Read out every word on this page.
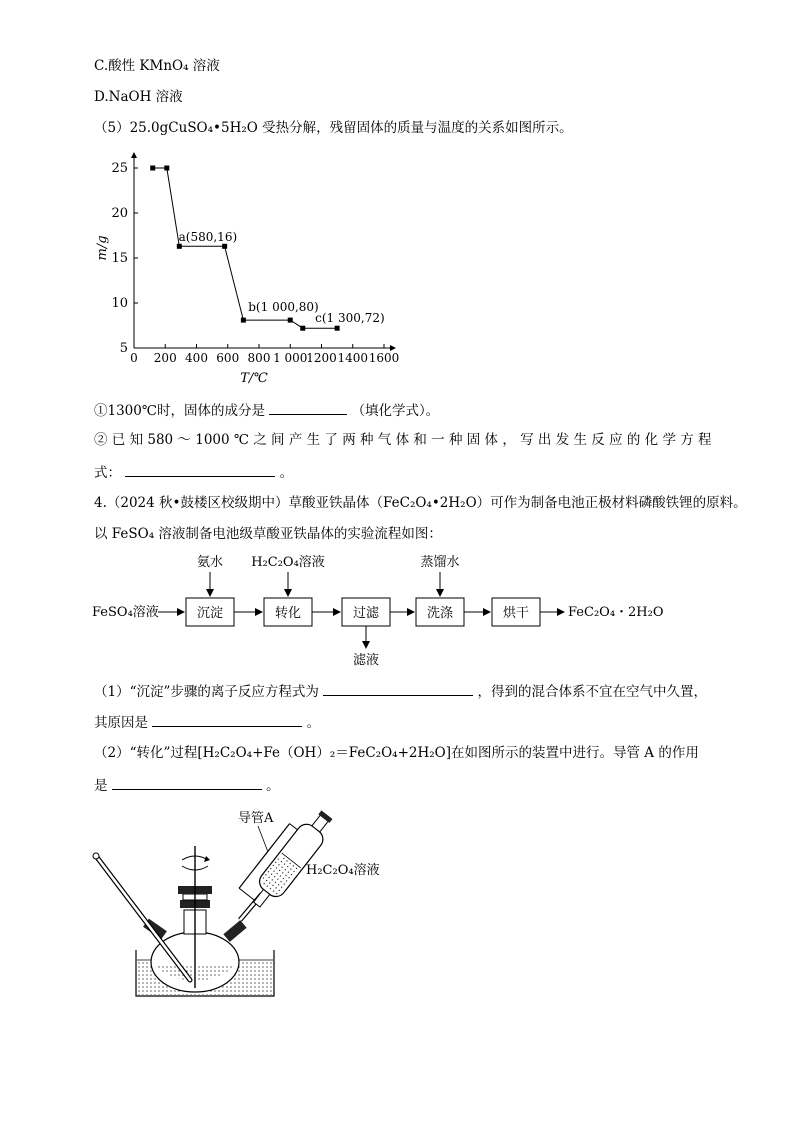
C.酸性 KMnO₄ 溶液
D.NaOH 溶液
（5）25.0gCuSO₄•5H₂O 受热分解，残留固体的质量与温度的关系如图所示。
0 200 400 600 800 1 000
1200 1400 1600
5
10
15
20
25
a(580,16)
b(1 000,80)
c(1 300,72)
m/g
T/℃
①1300℃时，固体的成分是	（填化学式）。
② 已 知 580 ～ 1000 ℃ 之 间 产 生 了 两 种 气 体 和 一 种 固 体 ， 写 出 发 生 反 应 的 化 学 方 程
式：	。
4.（2024 秋•鼓楼区校级期中）草酸亚铁晶体（FeC₂O₄•2H₂O）可作为制备电池正极材料磷酸铁锂的原料。
以 FeSO₄ 溶液制备电池级草酸亚铁晶体的实验流程如图：
FeSO₄溶液	沉淀	转化	过滤	洗涤	烘干	FeC₂O₄・2H₂O
氨水 H₂C₂O₄溶液	蒸馏水
滤液
（1）“沉淀”步骤的离子反应方程式为	，得到的混合体系不宜在空气中久置，
其原因是	。
（2）“转化”过程[H₂C₂O₄+Fe（OH）₂＝FeC₂O₄+2H₂O]在如图所示的装置中进行。导管 A 的作用
是	。
导管A
H₂C₂O₄溶液
